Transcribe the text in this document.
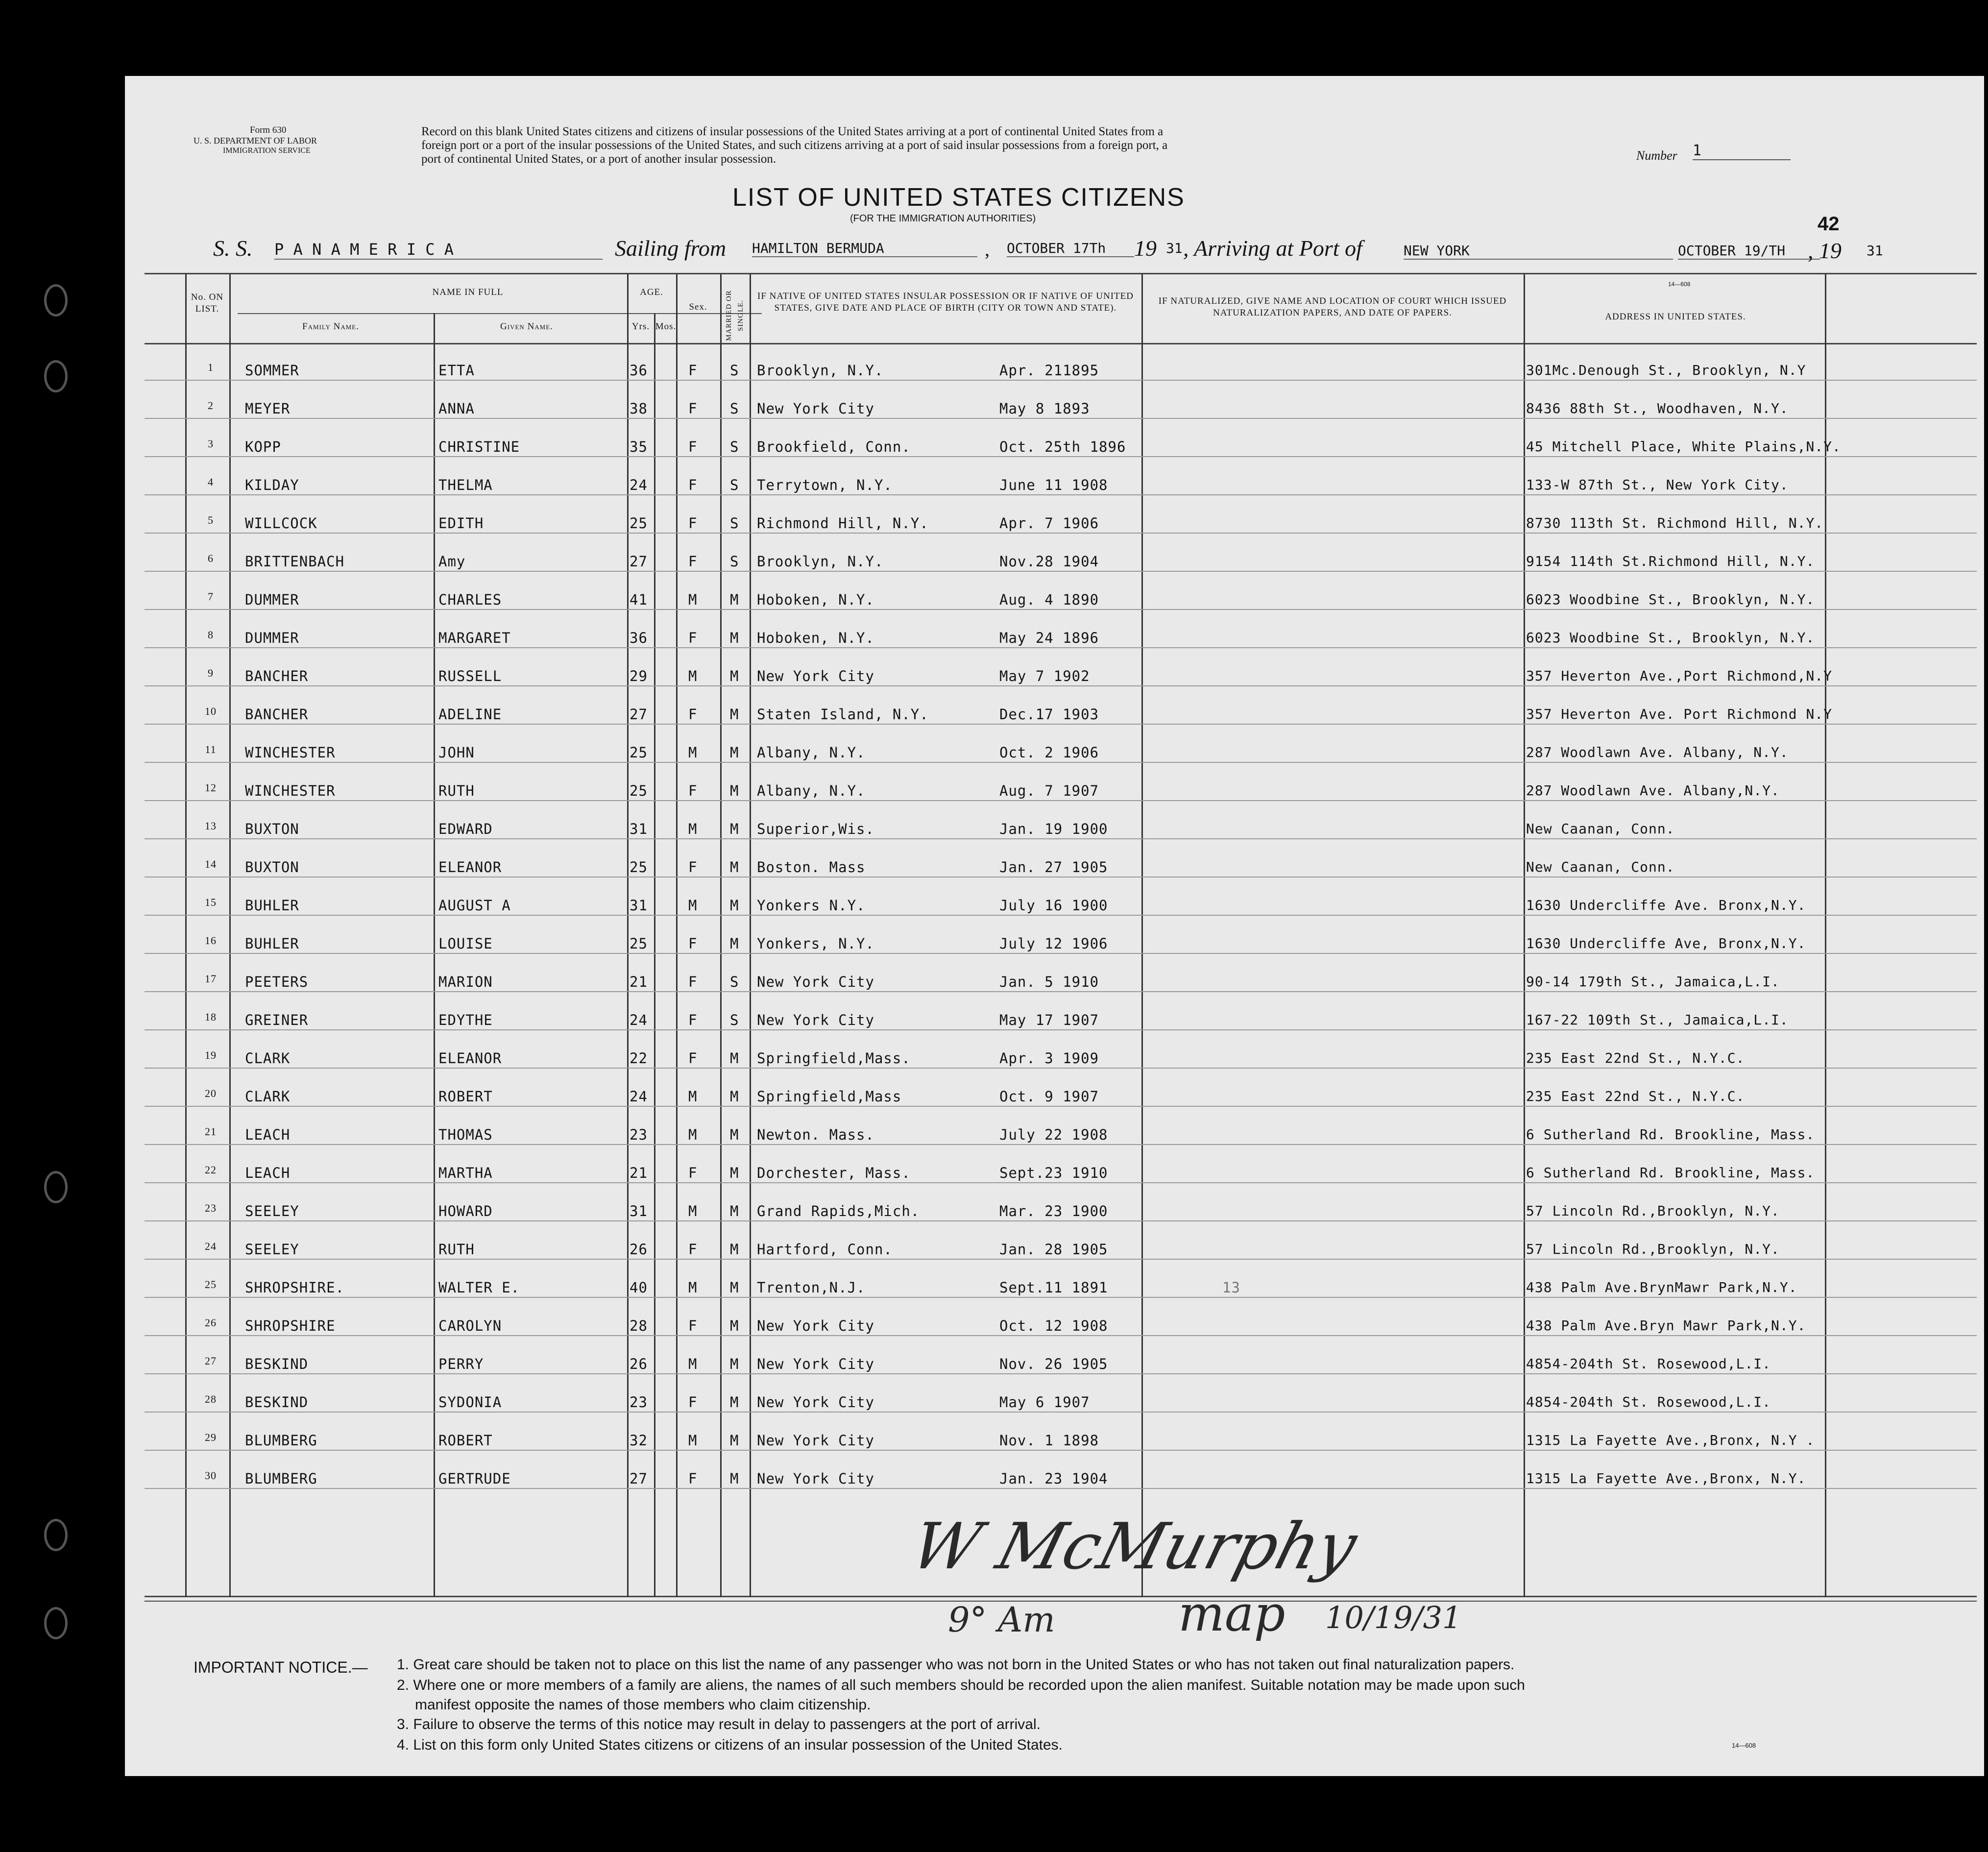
Form 630
U. S. DEPARTMENT OF LABOR
IMMIGRATION SERVICE
Record on this blank United States citizens and citizens of insular possessions of the United States arriving at a port of continental United States from a
foreign port or a port of the insular possessions of the United States, and such citizens arriving at a port of said insular possessions from a foreign port, a
port of continental United States, or a port of another insular possession.	Number 1
LIST OF UNITED STATES CITIZENS
(FOR THE IMMIGRATION AUTHORITIES)	42
S. S. P A N A M E R I C A	Sailing from HAMILTON BERMUDA	, OCTOBER 17Th	19 31 , Arriving at Port of	NEW YORK	OCTOBER 19/TH , 19 31
14—608
No. ON LIST.
NAME IN FULL
Family Name.	Given Name.
AGE.
Yrs. Mos.
Sex.	MARRIED OR SINGLE.
IF NATIVE OF UNITED STATES INSULAR POSSESSION OR IF NATIVE OF UNITED STATES, GIVE DATE AND PLACE OF BIRTH (CITY OR TOWN AND STATE).
IF NATURALIZED, GIVE NAME AND LOCATION OF COURT WHICH ISSUED NATURALIZATION PAPERS, AND DATE OF PAPERS.	ADDRESS IN UNITED STATES.
1	SOMMER	ETTA	36	F S Brooklyn, N.Y.	Apr. 211895	301Mc.Denough St., Brooklyn, N.Y
2	MEYER	ANNA	38	F S New York City	May 8 1893	8436 88th St., Woodhaven, N.Y.
3	KOPP	CHRISTINE	35	F S Brookfield, Conn.	Oct. 25th 1896	45 Mitchell Place, White Plains,N.Y.
4	KILDAY	THELMA	24	F S Terrytown, N.Y.	June 11 1908	133-W 87th St., New York City.
5	WILLCOCK	EDITH	25	F S Richmond Hill, N.Y.	Apr. 7 1906	8730 113th St. Richmond Hill, N.Y.
6	BRITTENBACH	Amy	27	F S Brooklyn, N.Y.	Nov.28 1904	9154 114th St.Richmond Hill, N.Y.
7	DUMMER	CHARLES	41	M M Hoboken, N.Y.	Aug. 4 1890	6023 Woodbine St., Brooklyn, N.Y.
8	DUMMER	MARGARET	36	F M Hoboken, N.Y.	May 24 1896	6023 Woodbine St., Brooklyn, N.Y.
9	BANCHER	RUSSELL	29	M M New York City	May 7 1902	357 Heverton Ave.,Port Richmond,N.Y
10	BANCHER	ADELINE	27	F M Staten Island, N.Y.	Dec.17 1903	357 Heverton Ave. Port Richmond N.Y
11	WINCHESTER	JOHN	25	M M Albany, N.Y.	Oct. 2 1906	287 Woodlawn Ave. Albany, N.Y.
12	WINCHESTER	RUTH	25	F M Albany, N.Y.	Aug. 7 1907	287 Woodlawn Ave. Albany,N.Y.
13	BUXTON	EDWARD	31	M M Superior,Wis.	Jan. 19 1900	New Caanan, Conn.
14	BUXTON	ELEANOR	25	F M Boston. Mass	Jan. 27 1905	New Caanan, Conn.
15	BUHLER	AUGUST A	31	M M Yonkers N.Y.	July 16 1900	1630 Undercliffe Ave. Bronx,N.Y.
16	BUHLER	LOUISE	25	F M Yonkers, N.Y.	July 12 1906	1630 Undercliffe Ave, Bronx,N.Y.
17	PEETERS	MARION	21	F S New York City	Jan. 5 1910	90-14 179th St., Jamaica,L.I.
18	GREINER	EDYTHE	24	F S New York City	May 17 1907	167-22 109th St., Jamaica,L.I.
19	CLARK	ELEANOR	22	F M Springfield,Mass.	Apr. 3 1909	235 East 22nd St., N.Y.C.
20	CLARK	ROBERT	24	M M Springfield,Mass	Oct. 9 1907	235 East 22nd St., N.Y.C.
21	LEACH	THOMAS	23	M M Newton. Mass.	July 22 1908	6 Sutherland Rd. Brookline, Mass.
22	LEACH	MARTHA	21	F M Dorchester, Mass.	Sept.23 1910	6 Sutherland Rd. Brookline, Mass.
23	SEELEY	HOWARD	31	M M Grand Rapids,Mich.	Mar. 23 1900	57 Lincoln Rd.,Brooklyn, N.Y.
24	SEELEY	RUTH	26	F M Hartford, Conn.	Jan. 28 1905	57 Lincoln Rd.,Brooklyn, N.Y.
25	SHROPSHIRE.	WALTER E.	40	M M Trenton,N.J.	Sept.11 1891	13	438 Palm Ave.BrynMawr Park,N.Y.
26	SHROPSHIRE	CAROLYN	28	F M New York City	Oct. 12 1908	438 Palm Ave.Bryn Mawr Park,N.Y.
27	BESKIND	PERRY	26	M M New York City	Nov. 26 1905	4854-204th St. Rosewood,L.I.
28	BESKIND	SYDONIA	23	F M New York City	May 6 1907	4854-204th St. Rosewood,L.I.
29	BLUMBERG	ROBERT	32	M M New York City	Nov. 1 1898	1315 La Fayette Ave.,Bronx, N.Y .
30	BLUMBERG	GERTRUDE	27	F M New York City	Jan. 23 1904	1315 La Fayette Ave.,Bronx, N.Y.
W McMurphy
9° Am	map 10/19/31
IMPORTANT NOTICE.— 1. Great care should be taken not to place on this list the name of any passenger who was not born in the United States or who has not taken out final naturalization papers.
2. Where one or more members of a family are aliens, the names of all such members should be recorded upon the alien manifest. Suitable notation may be made upon such
manifest opposite the names of those members who claim citizenship.
3. Failure to observe the terms of this notice may result in delay to passengers at the port of arrival.
4. List on this form only United States citizens or citizens of an insular possession of the United States.	14—608
